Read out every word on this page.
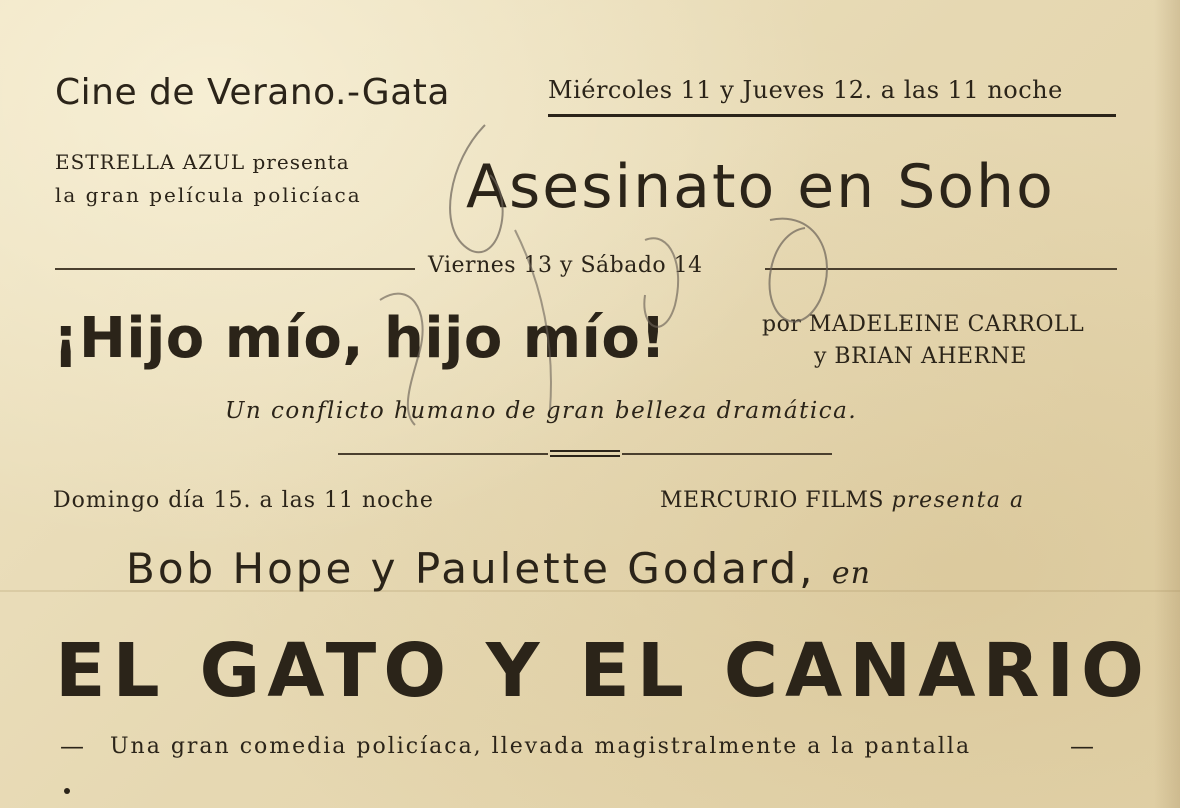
Cine de Verano.-Gata	Miércoles 11 y Jueves 12. a las 11 noche
ESTRELLA AZUL presenta
la gran película policíaca Asesinato en Soho
Viernes 13 y Sábado 14
¡Hijo mío, hijo mío!	por MADELEINE CARROLL
y BRIAN AHERNE
Un conflicto humano de gran belleza dramática.
Domingo día 15. a las 11 noche	MERCURIO FILMS presenta a
Bob Hope y Paulette Godard, en
EL GATO Y EL CANARIO
— Una gran comedia policíaca, llevada magistralmente a la pantalla	—
